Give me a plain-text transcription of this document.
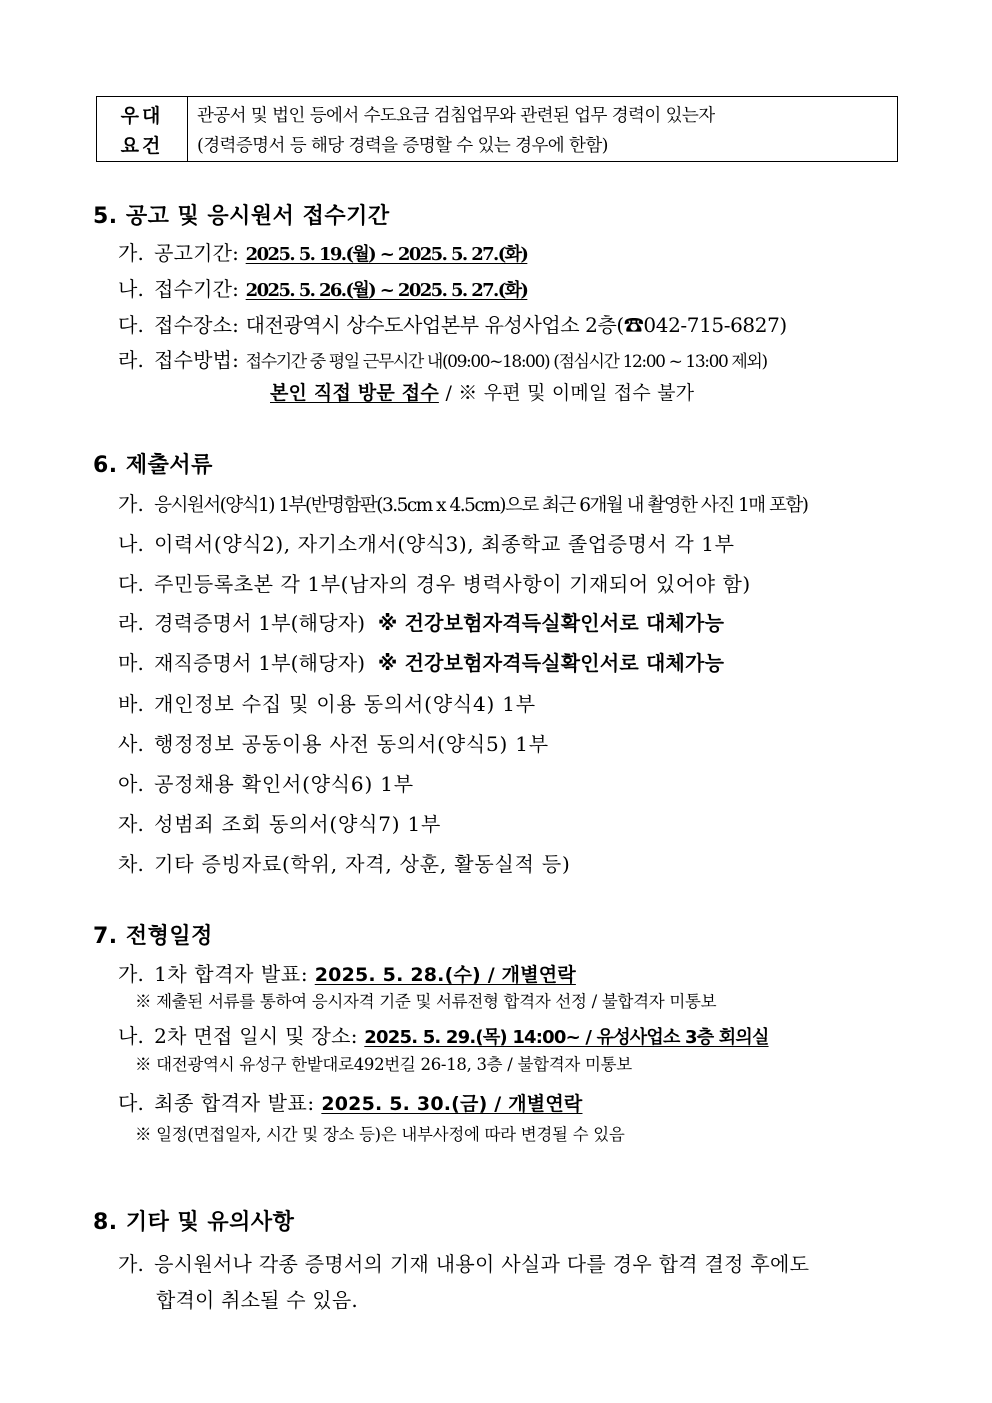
우대
요건
관공서 및 법인 등에서 수도요금 검침업무와 관련된 업무 경력이 있는자
(경력증명서 등 해당 경력을 증명할 수 있는 경우에 한함)
5. 공고 및 응시원서 접수기간
가. 공고기간: 2025. 5. 19.(월) ~ 2025. 5. 27.(화)
나. 접수기간: 2025. 5. 26.(월) ~ 2025. 5. 27.(화)
다. 접수장소: 대전광역시 상수도사업본부 유성사업소 2층(☎042-715-6827)
라. 접수방법: 접수기간 중 평일 근무시간 내(09:00~18:00) (점심시간 12:00 ~ 13:00 제외)
본인 직접 방문 접수 / ※ 우편 및 이메일 접수 불가
6. 제출서류
가. 응시원서(양식1) 1부(반명함판(3.5cm x 4.5cm)으로 최근 6개월 내 촬영한 사진 1매 포함)
나. 이력서(양식2), 자기소개서(양식3), 최종학교 졸업증명서 각 1부
다. 주민등록초본 각 1부(남자의 경우 병력사항이 기재되어 있어야 함)
라. 경력증명서 1부(해당자) ※ 건강보험자격득실확인서로 대체가능
마. 재직증명서 1부(해당자) ※ 건강보험자격득실확인서로 대체가능
바. 개인정보 수집 및 이용 동의서(양식4) 1부
사. 행정정보 공동이용 사전 동의서(양식5) 1부
아. 공정채용 확인서(양식6) 1부
자. 성범죄 조회 동의서(양식7) 1부
차. 기타 증빙자료(학위, 자격, 상훈, 활동실적 등)
7. 전형일정
가. 1차 합격자 발표: 2025. 5. 28.(수) / 개별연락
※ 제출된 서류를 통하여 응시자격 기준 및 서류전형 합격자 선정 / 불합격자 미통보
나. 2차 면접 일시 및 장소: 2025. 5. 29.(목) 14:00~ / 유성사업소 3층 회의실
※ 대전광역시 유성구 한밭대로492번길 26-18, 3층 / 불합격자 미통보
다. 최종 합격자 발표: 2025. 5. 30.(금) / 개별연락
※ 일정(면접일자, 시간 및 장소 등)은 내부사정에 따라 변경될 수 있음
8. 기타 및 유의사항
가. 응시원서나 각종 증명서의 기재 내용이 사실과 다를 경우 합격 결정 후에도
합격이 취소될 수 있음.
